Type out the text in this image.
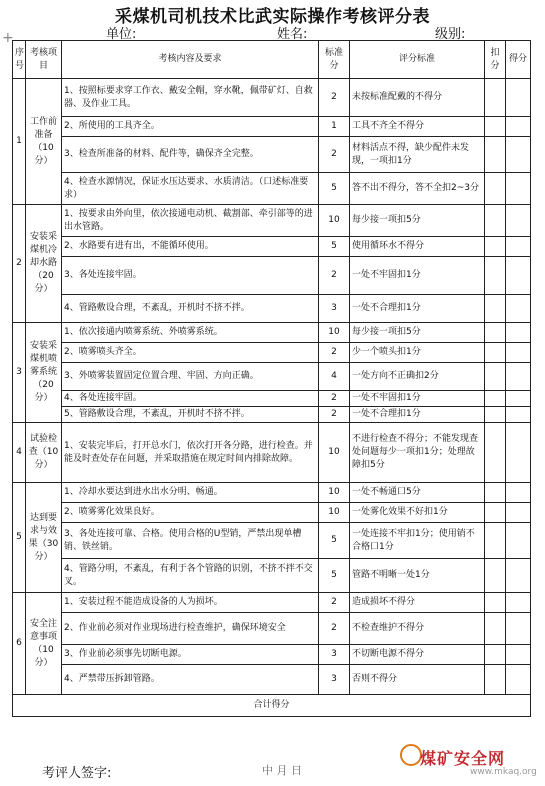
采煤机司机技术比武实际操作考核评分表
单位:	姓名:	级别:
+
序号	考核项目	考核内容及要求	标准分	评分标准	扣分	得分
1	工作前准备（10分）	1、按照标要求穿工作衣、戴安全帽，穿水靴，佩带矿灯、自救器、及作业工具。	2	未按标准配戴的不得分		
		2、所使用的工具齐全。	1	工具不齐全不得分		
		3、检查所准备的材料、配件等，确保齐全完整。	2	材料活点不得，缺少配件未发现，一项扣1分		
		4、检查水源情况，保证水压达要求、水质清洁。（口述标准要求）	5	答不出不得分，答不全扣2~3分		
2	安装采煤机冷却水路（20分）	1、按要求由外向里，依次接通电动机、截割部、牵引部等的进出水管路。	10	每少接一项扣5分		
		2、水路要有进有出，不能循环使用。	5	使用循环水不得分		
		3、各处连接牢固。	2	一处不牢固扣1分		
		4、管路敷设合理，不紊乱，开机时不挤不拌。	3	一处不合理扣1分		
3	安装采煤机喷雾系统（20分）	1、依次接通内喷雾系统、外喷雾系统。	10	每少接一项扣5分		
		2、喷雾喷头齐全。	2	少一个喷头扣1分		
		3、外喷雾装置固定位置合理、牢固、方向正确。	4	一处方向不正确扣2分		
		4、各处连接牢固。	2	一处不牢固扣1分		
		5、管路敷设合理，不紊乱，开机时不挤不拌。	2	一处不合理扣1分		
4	试验检查（10分）	1、安装完毕后，打开总水门，依次打开各分路，进行检查。并能及时查处存在问题，并采取措施在规定时间内排除故障。	10	不进行检查不得分；不能发现查处问题每少一项扣1分；处理故障扣5分		
5	达到要求与效果（30分）	1、冷却水要达到进水出水分明、畅通。	10	一处不畅通口5分		
		2、喷雾雾化效果良好。	10	一处雾化效果不好扣1分		
		3、各处连接可靠、合格。使用合格的U型销，严禁出现单槽销、铁丝销。	5	一处连接不牢扣1分；使用销不合格口1分		
		4、管路分明，不紊乱，有利于各个管路的识别，不挤不拌不交叉。	5	管路不明晰一处1分		
6	安全注意事项（10分）	1、安装过程不能造成设备的人为损坏。	2	造成损坏不得分		
		2、作业前必须对作业现场进行检查维护，确保环境安全	2	不检查维护不得分		
		3、作业前必须事先切断电源。	3	不切断电源不得分		
		4、严禁带压拆卸管路。	3	否则不得分		
合计得分						
考评人签字:	中 月 日
煤矿安全网
www.mkaq.org
